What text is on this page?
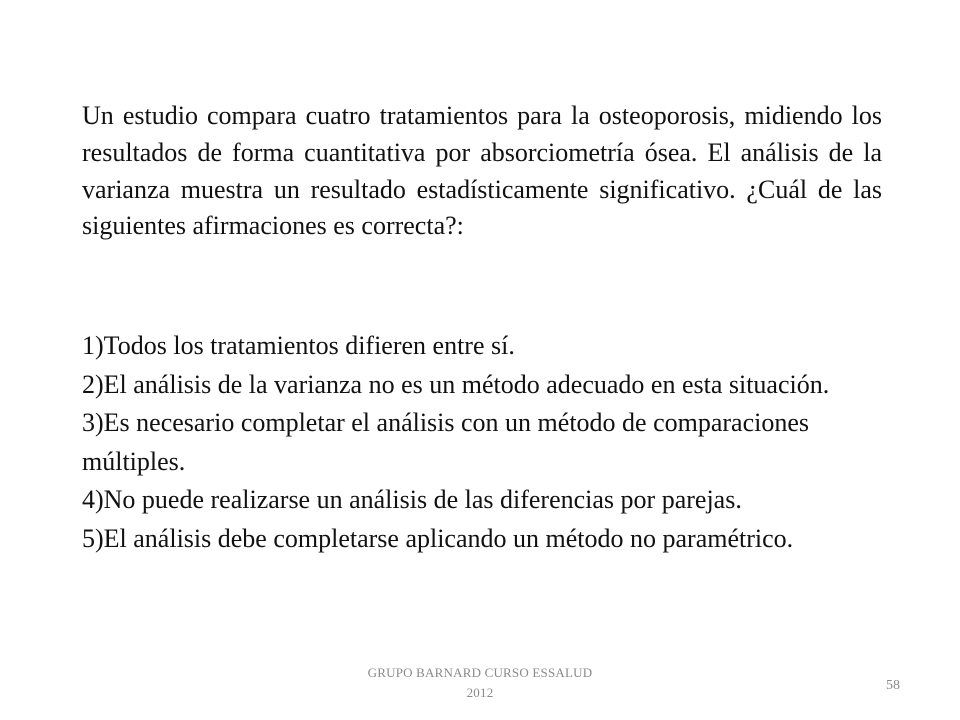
Un estudio compara cuatro tratamientos para la osteoporosis, midiendo los resultados de forma cuantitativa por absorciometría ósea. El análisis de la varianza muestra un resultado estadísticamente significativo. ¿Cuál de las siguientes afirmaciones es correcta?:

1)Todos los tratamientos difieren entre sí.
2)El análisis de la varianza no es un método adecuado en esta situación.
3)Es necesario completar el análisis con un método de comparaciones múltiples.
4)No puede realizarse un análisis de las diferencias por parejas.
5)El análisis debe completarse aplicando un método no paramétrico.
GRUPO BARNARD CURSO ESSALUD
2012	58
